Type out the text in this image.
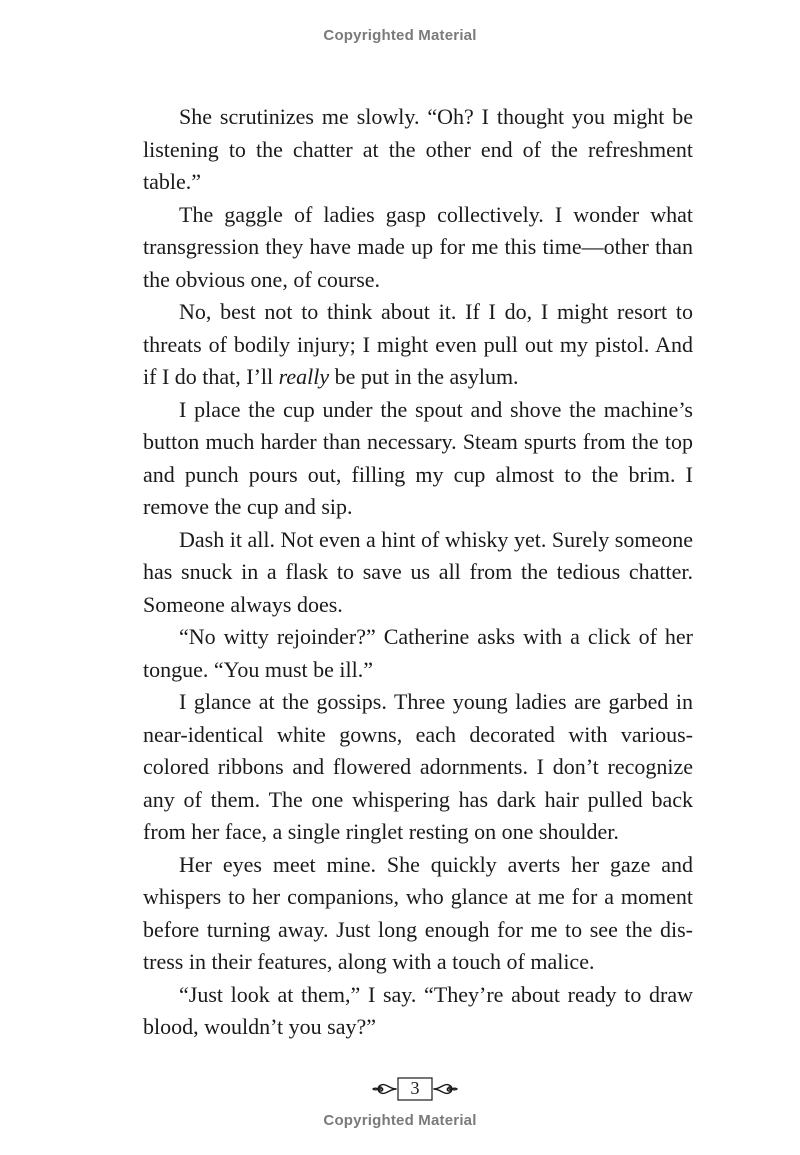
Copyrighted Material

She scrutinizes me slowly. “Oh? I thought you might be listening to the chatter at the other end of the refreshment table.”

The gaggle of ladies gasp collectively. I wonder what transgression they have made up for me this time—other than the obvious one, of course.

No, best not to think about it. If I do, I might resort to threats of bodily injury; I might even pull out my pistol. And if I do that, I’ll really be put in the asylum.

I place the cup under the spout and shove the machine’s button much harder than necessary. Steam spurts from the top and punch pours out, filling my cup almost to the brim. I remove the cup and sip.

Dash it all. Not even a hint of whisky yet. Surely someone has snuck in a flask to save us all from the tedious chatter. Someone always does.

“No witty rejoinder?” Catherine asks with a click of her tongue. “You must be ill.”

I glance at the gossips. Three young ladies are garbed in near-identical white gowns, each decorated with various-colored ribbons and flowered adornments. I don’t recognize any of them. The one whispering has dark hair pulled back from her face, a single ringlet resting on one shoulder.

Her eyes meet mine. She quickly averts her gaze and whispers to her companions, who glance at me for a moment before turning away. Just long enough for me to see the distress in their features, along with a touch of malice.

“Just look at them,” I say. “They’re about ready to draw blood, wouldn’t you say?”

3
Copyrighted Material
